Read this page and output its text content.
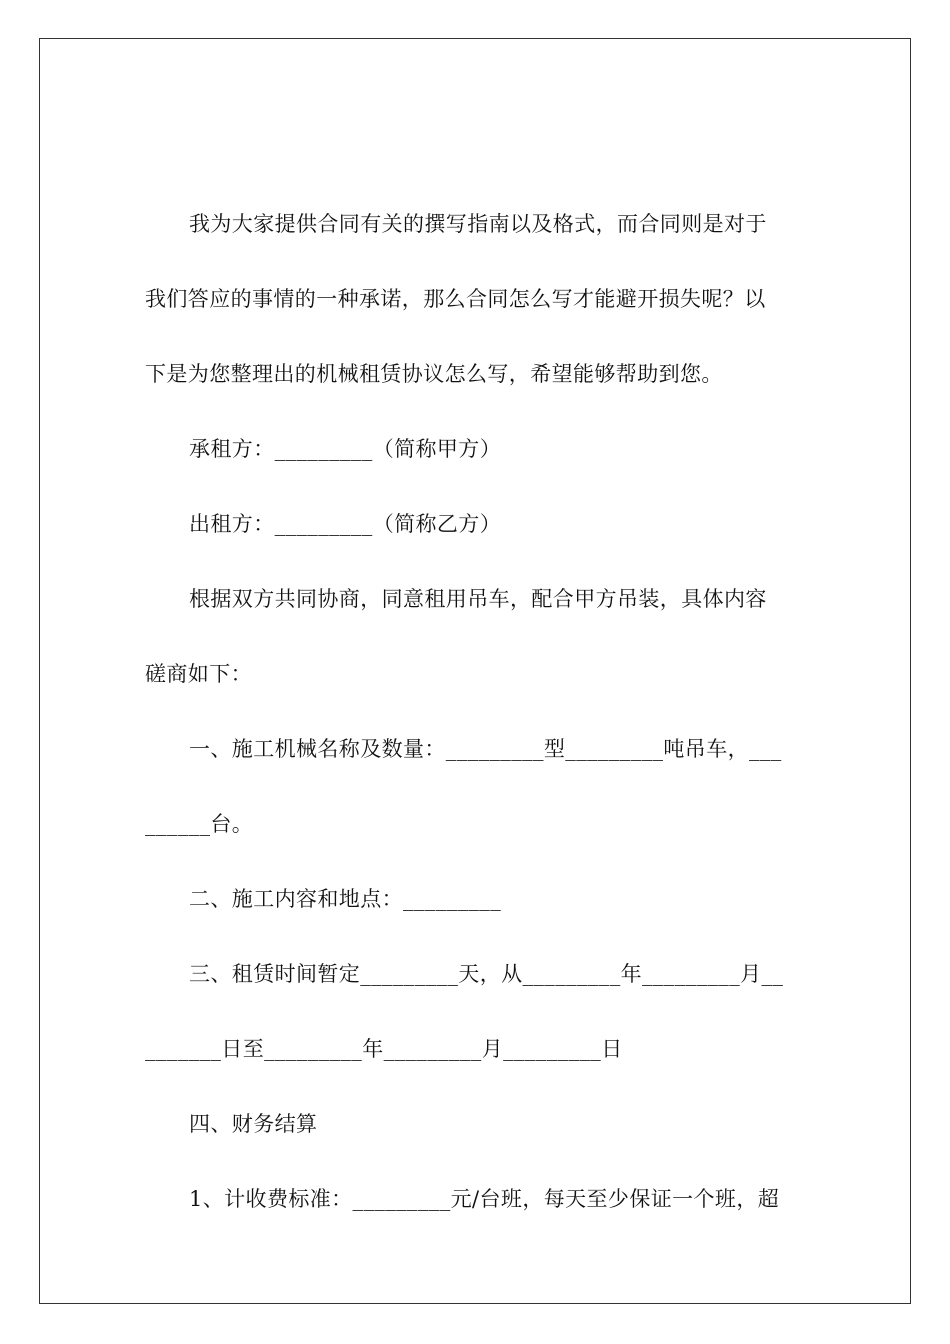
我为大家提供合同有关的撰写指南以及格式，而合同则是对于
我们答应的事情的一种承诺，那么合同怎么写才能避开损失呢？以
下是为您整理出的机械租赁协议怎么写，希望能够帮助到您。
承租方：_________（简称甲方）
出租方：_________（简称乙方）
根据双方共同协商，同意租用吊车，配合甲方吊装，具体内容
磋商如下：
一、施工机械名称及数量：_________型_________吨吊车，___
______台。
二、施工内容和地点：_________
三、租赁时间暂定_________天，从_________年_________月__
_______日至_________年_________月_________日
四、财务结算
1、计收费标准：_________元/台班，每天至少保证一个班，超
